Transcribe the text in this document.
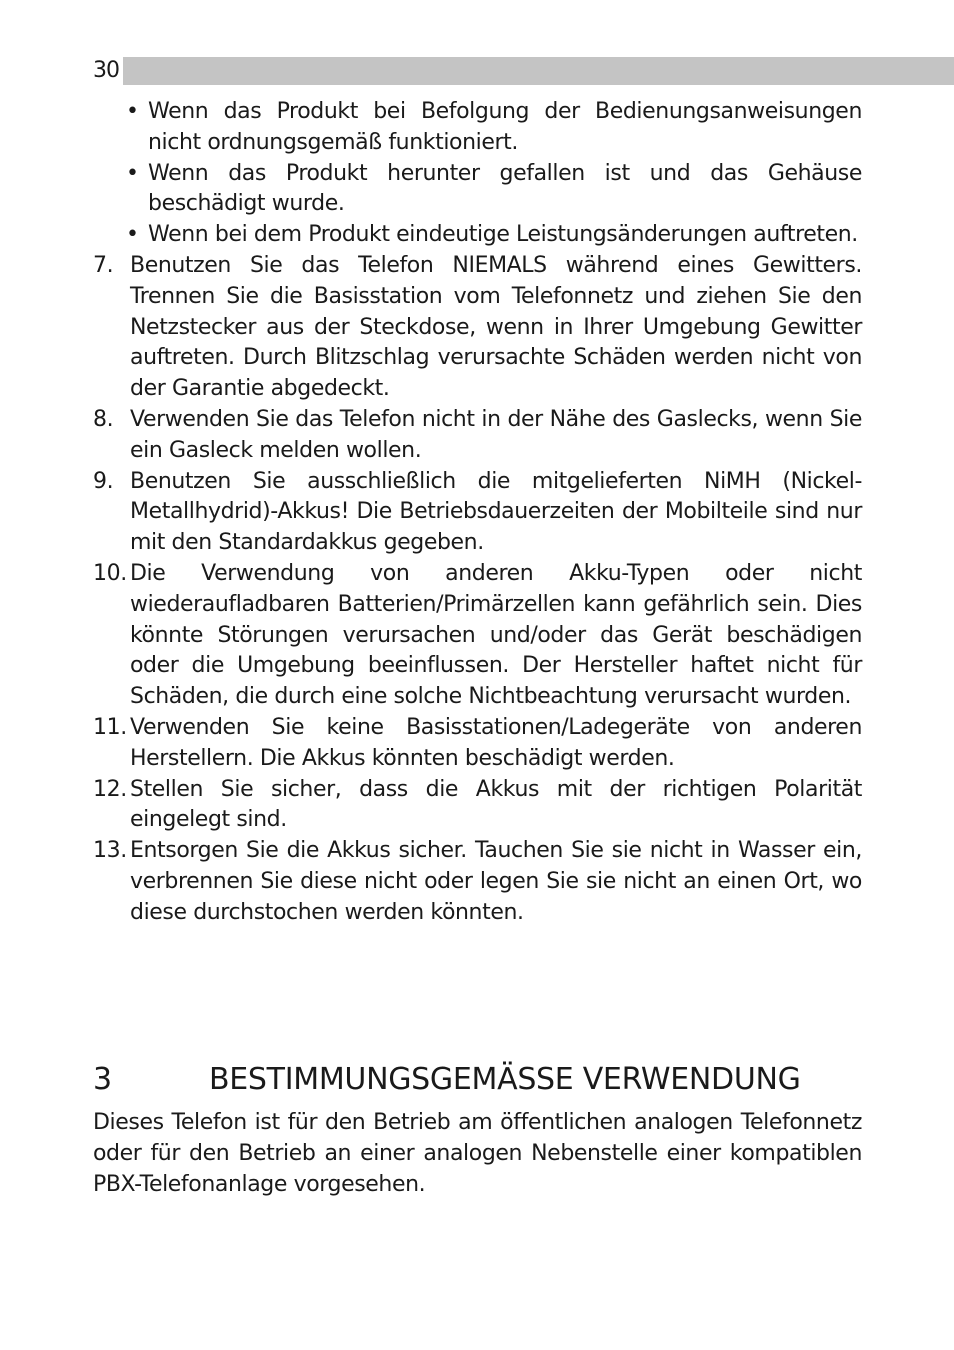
30
• Wenn das Produkt bei Befolgung der Bedienungsanweisungen nicht ordnungsgemäß funktioniert.
• Wenn das Produkt herunter gefallen ist und das Gehäuse beschädigt wurde.
• Wenn bei dem Produkt eindeutige Leistungsänderungen auftreten.
7. Benutzen Sie das Telefon NIEMALS während eines Gewitters. Trennen Sie die Basisstation vom Telefonnetz und ziehen Sie den Netzstecker aus der Steckdose, wenn in Ihrer Umgebung Gewitter auftreten. Durch Blitzschlag verursachte Schäden werden nicht von der Garantie abgedeckt.
8. Verwenden Sie das Telefon nicht in der Nähe des Gaslecks, wenn Sie ein Gasleck melden wollen.
9. Benutzen Sie ausschließlich die mitgelieferten NiMH (Nickel-Metallhydrid)-Akkus! Die Betriebsdauerzeiten der Mobilteile sind nur mit den Standardakkus gegeben.
10. Die Verwendung von anderen Akku-Typen oder nicht wiederaufladbaren Batterien/Primärzellen kann gefährlich sein. Dies könnte Störungen verursachen und/oder das Gerät beschädigen oder die Umgebung beeinflussen. Der Hersteller haftet nicht für Schäden, die durch eine solche Nichtbeachtung verursacht wurden.
11. Verwenden Sie keine Basisstationen/Ladegeräte von anderen Herstellern. Die Akkus könnten beschädigt werden.
12. Stellen Sie sicher, dass die Akkus mit der richtigen Polarität eingelegt sind.
13. Entsorgen Sie die Akkus sicher. Tauchen Sie sie nicht in Wasser ein, verbrennen Sie diese nicht oder legen Sie sie nicht an einen Ort, wo diese durchstochen werden könnten.
3	BESTIMMUNGSGEMÄSSE VERWENDUNG

Dieses Telefon ist für den Betrieb am öffentlichen analogen Telefonnetz oder für den Betrieb an einer analogen Nebenstelle einer kompatiblen PBX-Telefonanlage vorgesehen.
